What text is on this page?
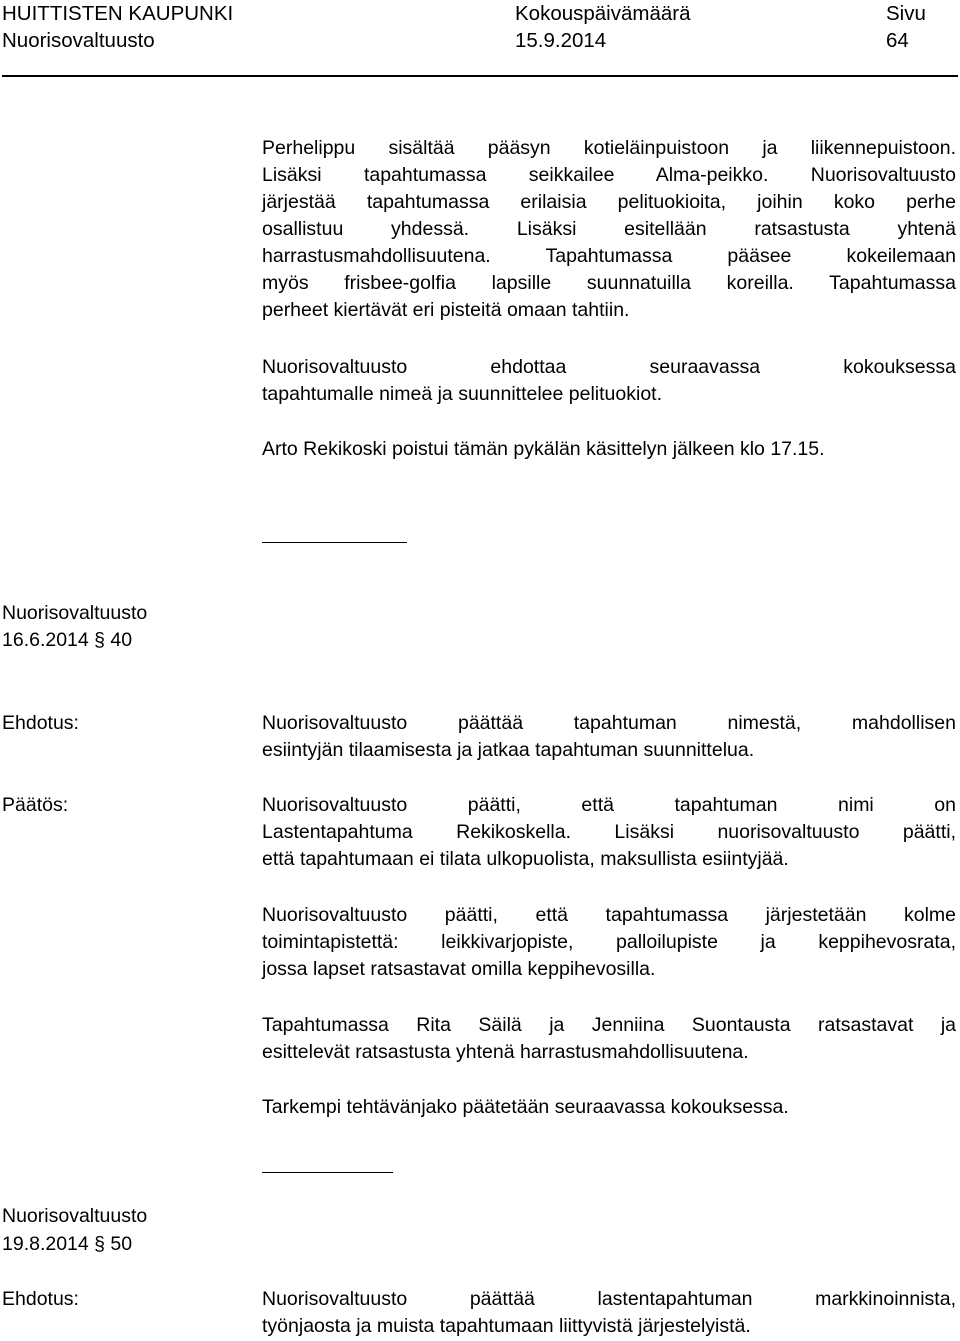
HUITTISTEN KAUPUNKI
Nuorisovaltuusto
Kokouspäivämäärä
15.9.2014
Sivu
64
Perhelippu sisältää pääsyn kotieläinpuistoon ja liikennepuistoon.
Lisäksi tapahtumassa seikkailee Alma-peikko. Nuorisovaltuusto
järjestää tapahtumassa erilaisia pelituokioita, joihin koko perhe
osallistuu yhdessä. Lisäksi esitellään ratsastusta yhtenä
harrastusmahdollisuutena. Tapahtumassa pääsee kokeilemaan
myös frisbee-golfia lapsille suunnatuilla koreilla. Tapahtumassa
perheet kiertävät eri pisteitä omaan tahtiin.
Nuorisovaltuusto ehdottaa seuraavassa kokouksessa
tapahtumalle nimeä ja suunnittelee pelituokiot.
Arto Rekikoski poistui tämän pykälän käsittelyn jälkeen klo 17.15.
Nuorisovaltuusto
16.6.2014 § 40
Ehdotus:	Nuorisovaltuusto päättää tapahtuman nimestä, mahdollisen
esiintyjän tilaamisesta ja jatkaa tapahtuman suunnittelua.
Päätös:	Nuorisovaltuusto päätti, että tapahtuman nimi on
Lastentapahtuma Rekikoskella. Lisäksi nuorisovaltuusto päätti,
että tapahtumaan ei tilata ulkopuolista, maksullista esiintyjää.
Nuorisovaltuusto päätti, että tapahtumassa järjestetään kolme
toimintapistettä: leikkivarjopiste, palloilupiste ja keppihevosrata,
jossa lapset ratsastavat omilla keppihevosilla.
Tapahtumassa Rita Säilä ja Jenniina Suontausta ratsastavat ja
esittelevät ratsastusta yhtenä harrastusmahdollisuutena.
Tarkempi tehtävänjako päätetään seuraavassa kokouksessa.
Nuorisovaltuusto
19.8.2014 § 50
Ehdotus:	Nuorisovaltuusto päättää lastentapahtuman markkinoinnista,
työnjaosta ja muista tapahtumaan liittyvistä järjestelyistä.
